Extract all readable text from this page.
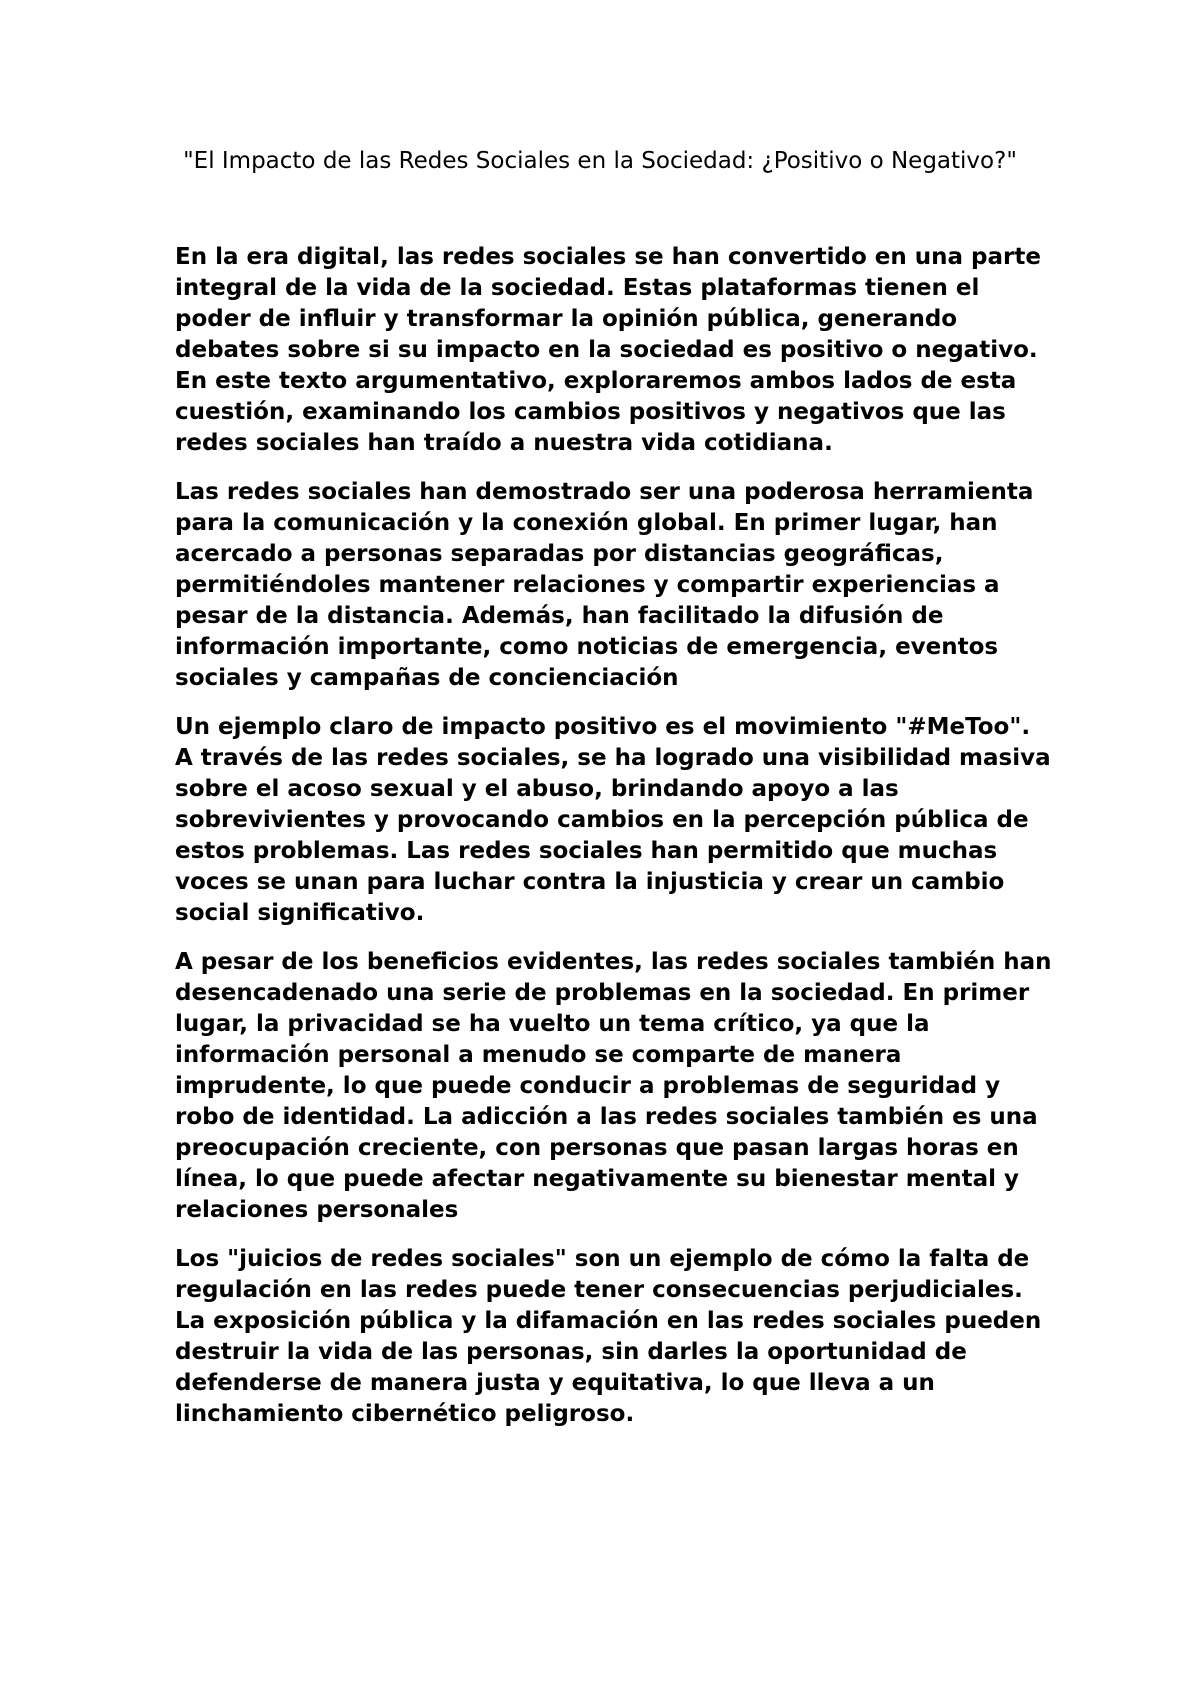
"El Impacto de las Redes Sociales en la Sociedad: ¿Positivo o Negativo?"

En la era digital, las redes sociales se han convertido en una parte integral de la vida de la sociedad. Estas plataformas tienen el poder de influir y transformar la opinión pública, generando debates sobre si su impacto en la sociedad es positivo o negativo. En este texto argumentativo, exploraremos ambos lados de esta cuestión, examinando los cambios positivos y negativos que las redes sociales han traído a nuestra vida cotidiana.

Las redes sociales han demostrado ser una poderosa herramienta para la comunicación y la conexión global. En primer lugar, han acercado a personas separadas por distancias geográficas, permitiéndoles mantener relaciones y compartir experiencias a pesar de la distancia. Además, han facilitado la difusión de información importante, como noticias de emergencia, eventos sociales y campañas de concienciación

Un ejemplo claro de impacto positivo es el movimiento "#MeToo". A través de las redes sociales, se ha logrado una visibilidad masiva sobre el acoso sexual y el abuso, brindando apoyo a las sobrevivientes y provocando cambios en la percepción pública de estos problemas. Las redes sociales han permitido que muchas voces se unan para luchar contra la injusticia y crear un cambio social significativo.

A pesar de los beneficios evidentes, las redes sociales también han desencadenado una serie de problemas en la sociedad. En primer lugar, la privacidad se ha vuelto un tema crítico, ya que la información personal a menudo se comparte de manera imprudente, lo que puede conducir a problemas de seguridad y robo de identidad. La adicción a las redes sociales también es una preocupación creciente, con personas que pasan largas horas en línea, lo que puede afectar negativamente su bienestar mental y relaciones personales

Los "juicios de redes sociales" son un ejemplo de cómo la falta de regulación en las redes puede tener consecuencias perjudiciales. La exposición pública y la difamación en las redes sociales pueden destruir la vida de las personas, sin darles la oportunidad de defenderse de manera justa y equitativa, lo que lleva a un linchamiento cibernético peligroso.
